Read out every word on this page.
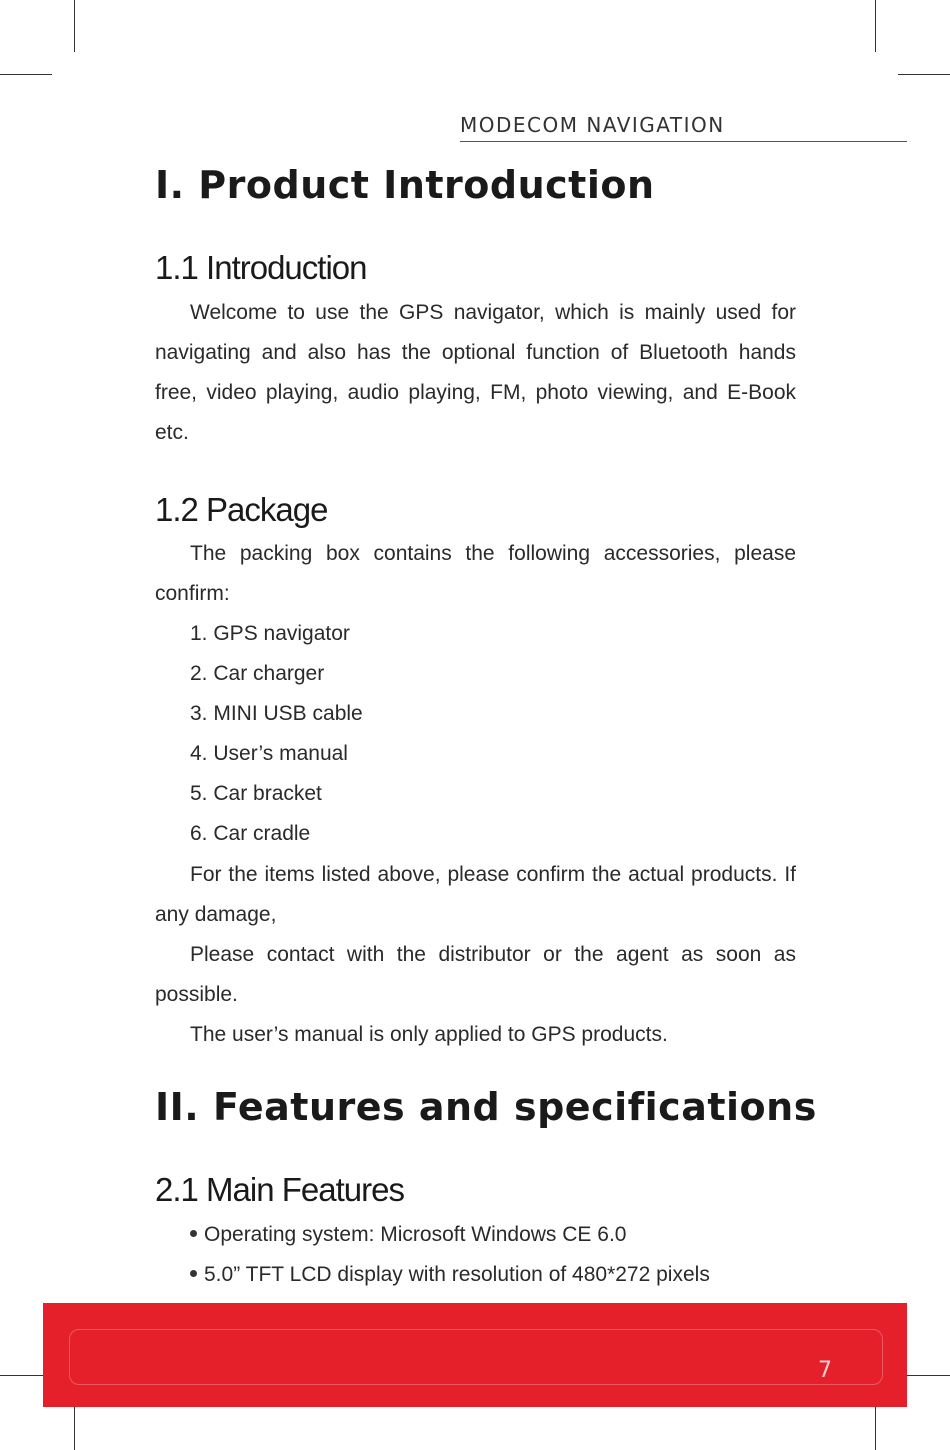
MODECOM NAVIGATION
I. Product Introduction
1.1 Introduction

Welcome to use the GPS navigator, which is mainly used for navigating and also has the optional function of Bluetooth hands free, video playing, audio playing, FM, photo viewing, and E-Book etc.

1.2 Package

The packing box contains the following accessories, please confirm:

1. GPS navigator
2. Car charger
3. MINI USB cable
4. User’s manual
5. Car bracket
6. Car cradle

For the items listed above, please confirm the actual products. If any damage,

Please contact with the distributor or the agent as soon as possible.

The user’s manual is only applied to GPS products.

II. Features and specifications
2.1 Main Features
Operating system: Microsoft Windows CE 6.0
5.0” TFT LCD display with resolution of 480*272 pixels
7
